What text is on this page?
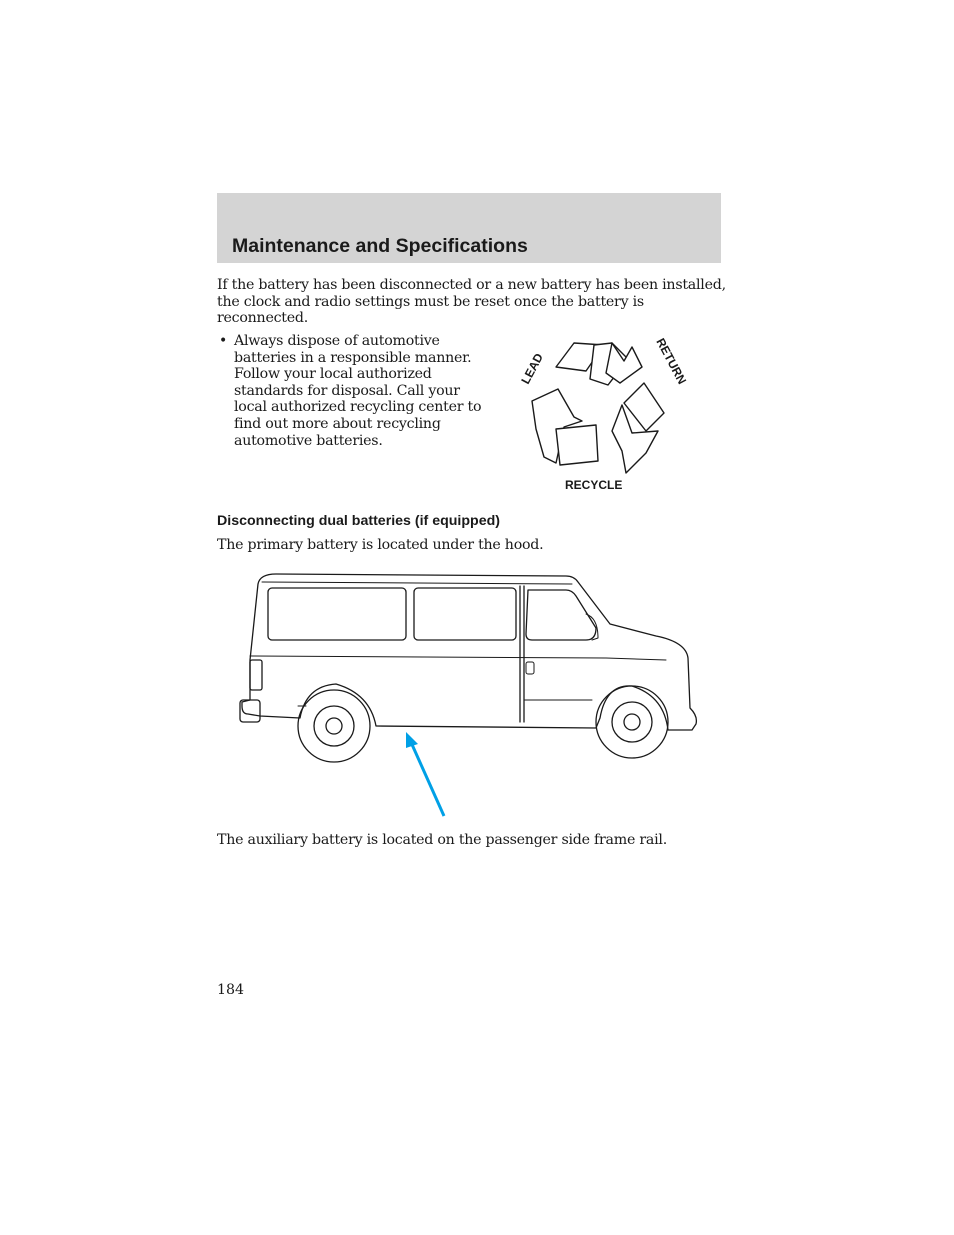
Maintenance and Specifications

If the battery has been disconnected or a new battery has been installed, the clock and radio settings must be reset once the battery is reconnected.

• Always dispose of automotive batteries in a responsible manner. Follow your local authorized standards for disposal. Call your local authorized recycling center to find out more about recycling automotive batteries.

LEAD	RETURN
RECYCLE
Disconnecting dual batteries (if equipped)

The primary battery is located under the hood.

The auxiliary battery is located on the passenger side frame rail.

184
